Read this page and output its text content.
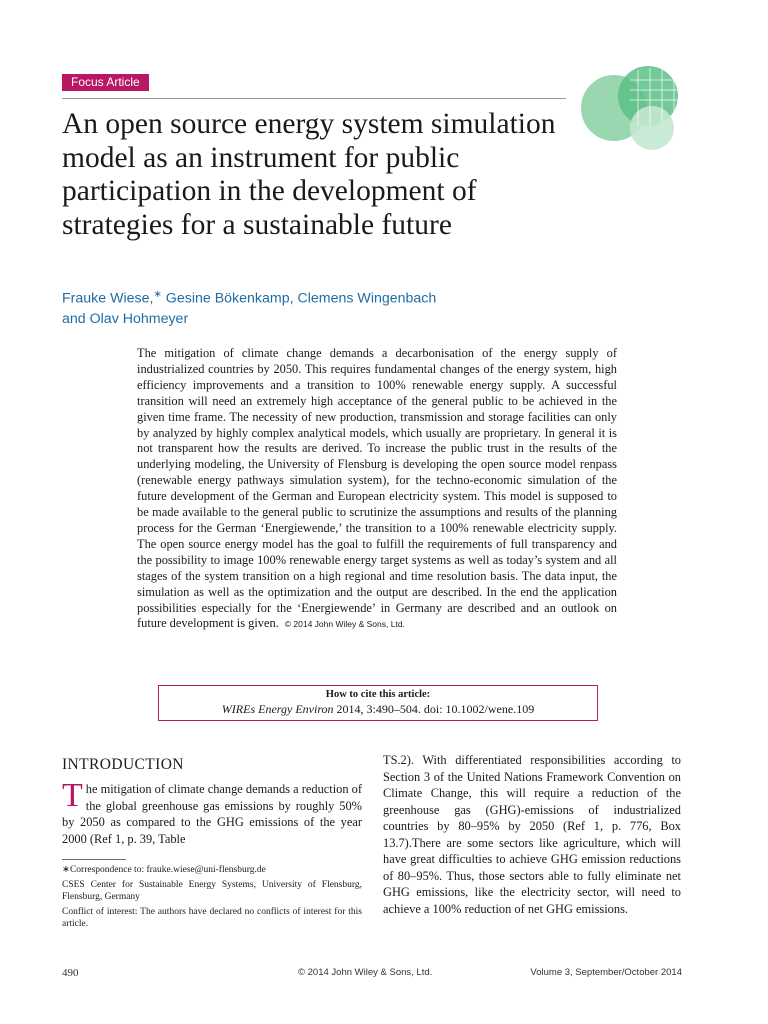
Focus Article
An open source energy system simulation model as an instrument for public participation in the development of strategies for a sustainable future
Frauke Wiese,∗ Gesine Bökenkamp, Clemens Wingenbach
and Olav Hohmeyer
The mitigation of climate change demands a decarbonisation of the energy supply of industrialized countries by 2050. This requires fundamental changes of the energy system, high efficiency improvements and a transition to 100% renewable energy supply. A successful transition will need an extremely high acceptance of the general public to be achieved in the given time frame. The necessity of new production, transmission and storage facilities can only by analyzed by highly complex analytical models, which usually are proprietary. In general it is not transparent how the results are derived. To increase the public trust in the results of the underlying modeling, the University of Flensburg is developing the open source model renpass (renewable energy pathways simulation system), for the techno-economic simulation of the future development of the German and European electricity system. This model is supposed to be made available to the general public to scrutinize the assumptions and results of the planning process for the German ‘Energiewende,’ the transition to a 100% renewable electricity supply. The open source energy model has the goal to fulfill the requirements of full transparency and the possibility to image 100% renewable energy target systems as well as today’s system and all stages of the system transition on a high regional and time resolution basis. The data input, the simulation as well as the optimization and the output are described. In the end the application possibilities especially for the ‘Energiewende’ in Germany are described and an outlook on future development is given. © 2014 John Wiley & Sons, Ltd.
How to cite this article:
WIREs Energy Environ 2014, 3:490–504. doi: 10.1002/wene.109
INTRODUCTION

The mitigation of climate change demands a reduction of the global greenhouse gas emissions by roughly 50% by 2050 as compared to the GHG emissions of the year 2000 (Ref 1, p. 39, Table

∗Correspondence to: frauke.wiese@uni-flensburg.de

CSES Center for Sustainable Energy Systems, University of Flensburg, Flensburg, Germany

Conflict of interest: The authors have declared no conflicts of interest for this article.

TS.2). With differentiated responsibilities according to Section 3 of the United Nations Framework Convention on Climate Change, this will require a reduction of the greenhouse gas (GHG)-emissions of industrialized countries by 80–95% by 2050 (Ref 1, p. 776, Box 13.7).There are some sectors like agriculture, which will have great difficulties to achieve GHG emission reductions of 80–95%. Thus, those sectors able to fully eliminate net GHG emissions, like the electricity sector, will need to achieve a 100% reduction of net GHG emissions.

490	© 2014 John Wiley & Sons, Ltd.	Volume 3, September/October 2014
